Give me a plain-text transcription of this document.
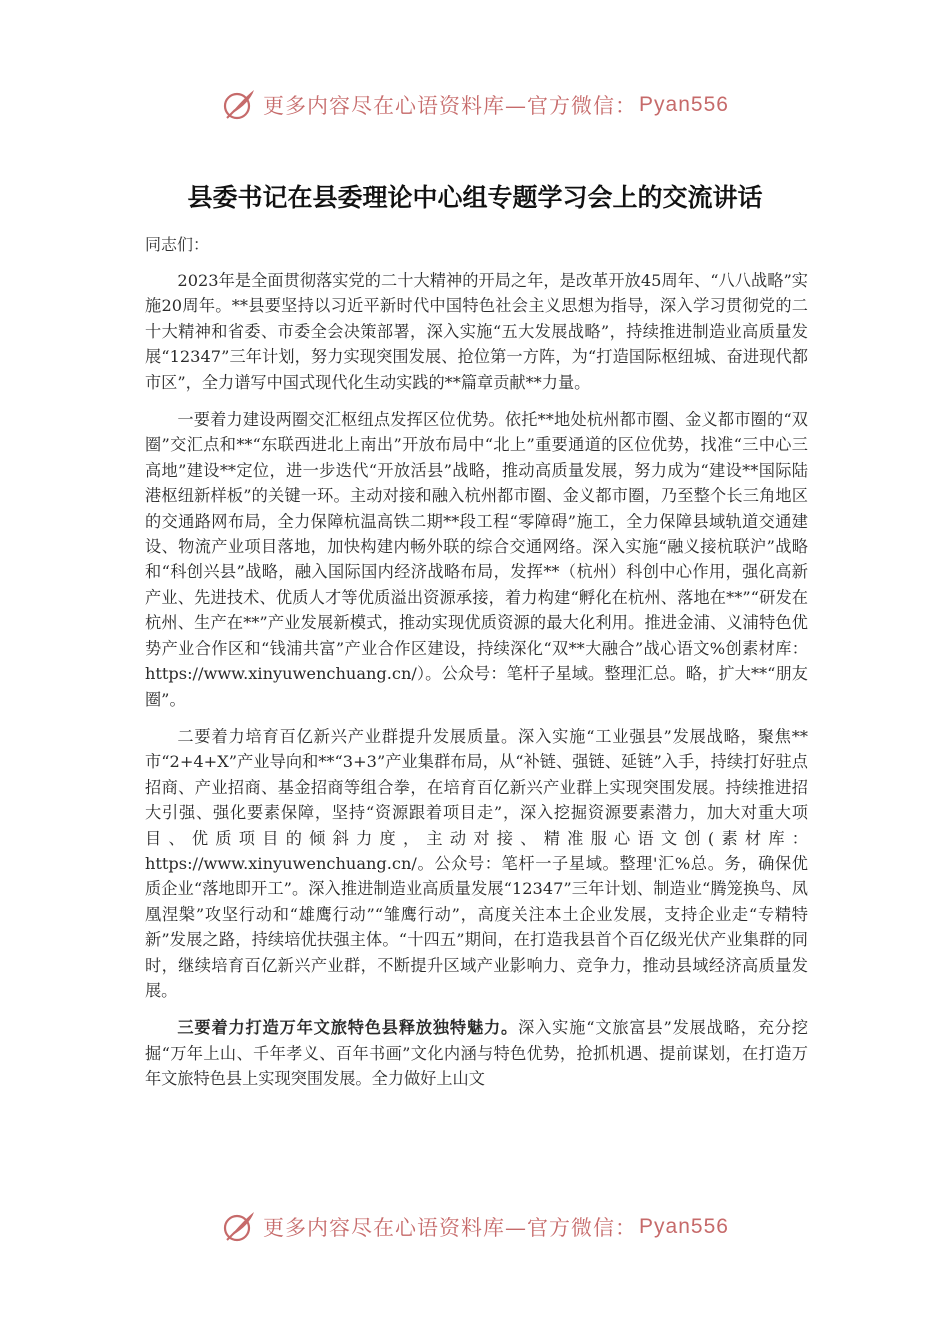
更多内容尽在心语资料库—官方微信： Pyan556
县委书记在县委理论中心组专题学习会上的交流讲话
同志们：

2023年是全面贯彻落实党的二十大精神的开局之年，是改革开放45周年、“八八战略”实施20周年。**县要坚持以习近平新时代中国特色社会主义思想为指导，深入学习贯彻党的二十大精神和省委、市委全会决策部署，深入实施“五大发展战略”，持续推进制造业高质量发展“12347”三年计划，努力实现突围发展、抢位第一方阵，为“打造国际枢纽城、奋进现代都市区”，全力谱写中国式现代化生动实践的**篇章贡献**力量。

一要着力建设两圈交汇枢纽点发挥区位优势。依托**地处杭州都市圈、金义都市圈的“双圈”交汇点和**“东联西进北上南出”开放布局中“北上”重要通道的区位优势，找准“三中心三高地”建设**定位，进一步迭代“开放活县”战略，推动高质量发展，努力成为“建设**国际陆港枢纽新样板”的关键一环。主动对接和融入杭州都市圈、金义都市圈，乃至整个长三角地区的交通路网布局，全力保障杭温高铁二期**段工程“零障碍”施工，全力保障县域轨道交通建设、物流产业项目落地，加快构建内畅外联的综合交通网络。深入实施“融义接杭联沪”战略和“科创兴县”战略，融入国际国内经济战略布局，发挥**（杭州）科创中心作用，强化高新产业、先进技术、优质人才等优质溢出资源承接，着力构建“孵化在杭州、落地在**”“研发在杭州、生产在**”产业发展新模式，推动实现优质资源的最大化利用。推进金浦、义浦特色优势产业合作区和“钱浦共富”产业合作区建设，持续深化“双**大融合”战心语文%创素材库：https://www.xinyuwenchuang.cn/）。公众号：笔杆子星域。整理汇总。略，扩大**“朋友圈”。

二要着力培育百亿新兴产业群提升发展质量。深入实施“工业强县”发展战略，聚焦**市“2+4+X”产业导向和**“3+3”产业集群布局，从“补链、强链、延链”入手，持续打好驻点招商、产业招商、基金招商等组合拳，在培育百亿新兴产业群上实现突围发展。持续推进招大引强、强化要素保障，坚持“资源跟着项目走”，深入挖掘资源要素潜力，加大对重大项目、优质项目的倾斜力度，主动对接、精准服心语文创(素材库：https://www.xinyuwenchuang.cn/。公众号：笔杆一子星域。整理'汇%总。务，确保优质企业“落地即开工”。深入推进制造业高质量发展“12347”三年计划、制造业“腾笼换鸟、凤凰涅槃”攻坚行动和“雄鹰行动”“雏鹰行动”，高度关注本土企业发展，支持企业走“专精特新”发展之路，持续培优扶强主体。“十四五”期间，在打造我县首个百亿级光伏产业集群的同时，继续培育百亿新兴产业群，不断提升区域产业影响力、竞争力，推动县域经济高质量发展。

三要着力打造万年文旅特色县释放独特魅力。深入实施“文旅富县”发展战略，充分挖掘“万年上山、千年孝义、百年书画”文化内涵与特色优势，抢抓机遇、提前谋划，在打造万年文旅特色县上实现突围发展。全力做好上山文

更多内容尽在心语资料库—官方微信： Pyan556
